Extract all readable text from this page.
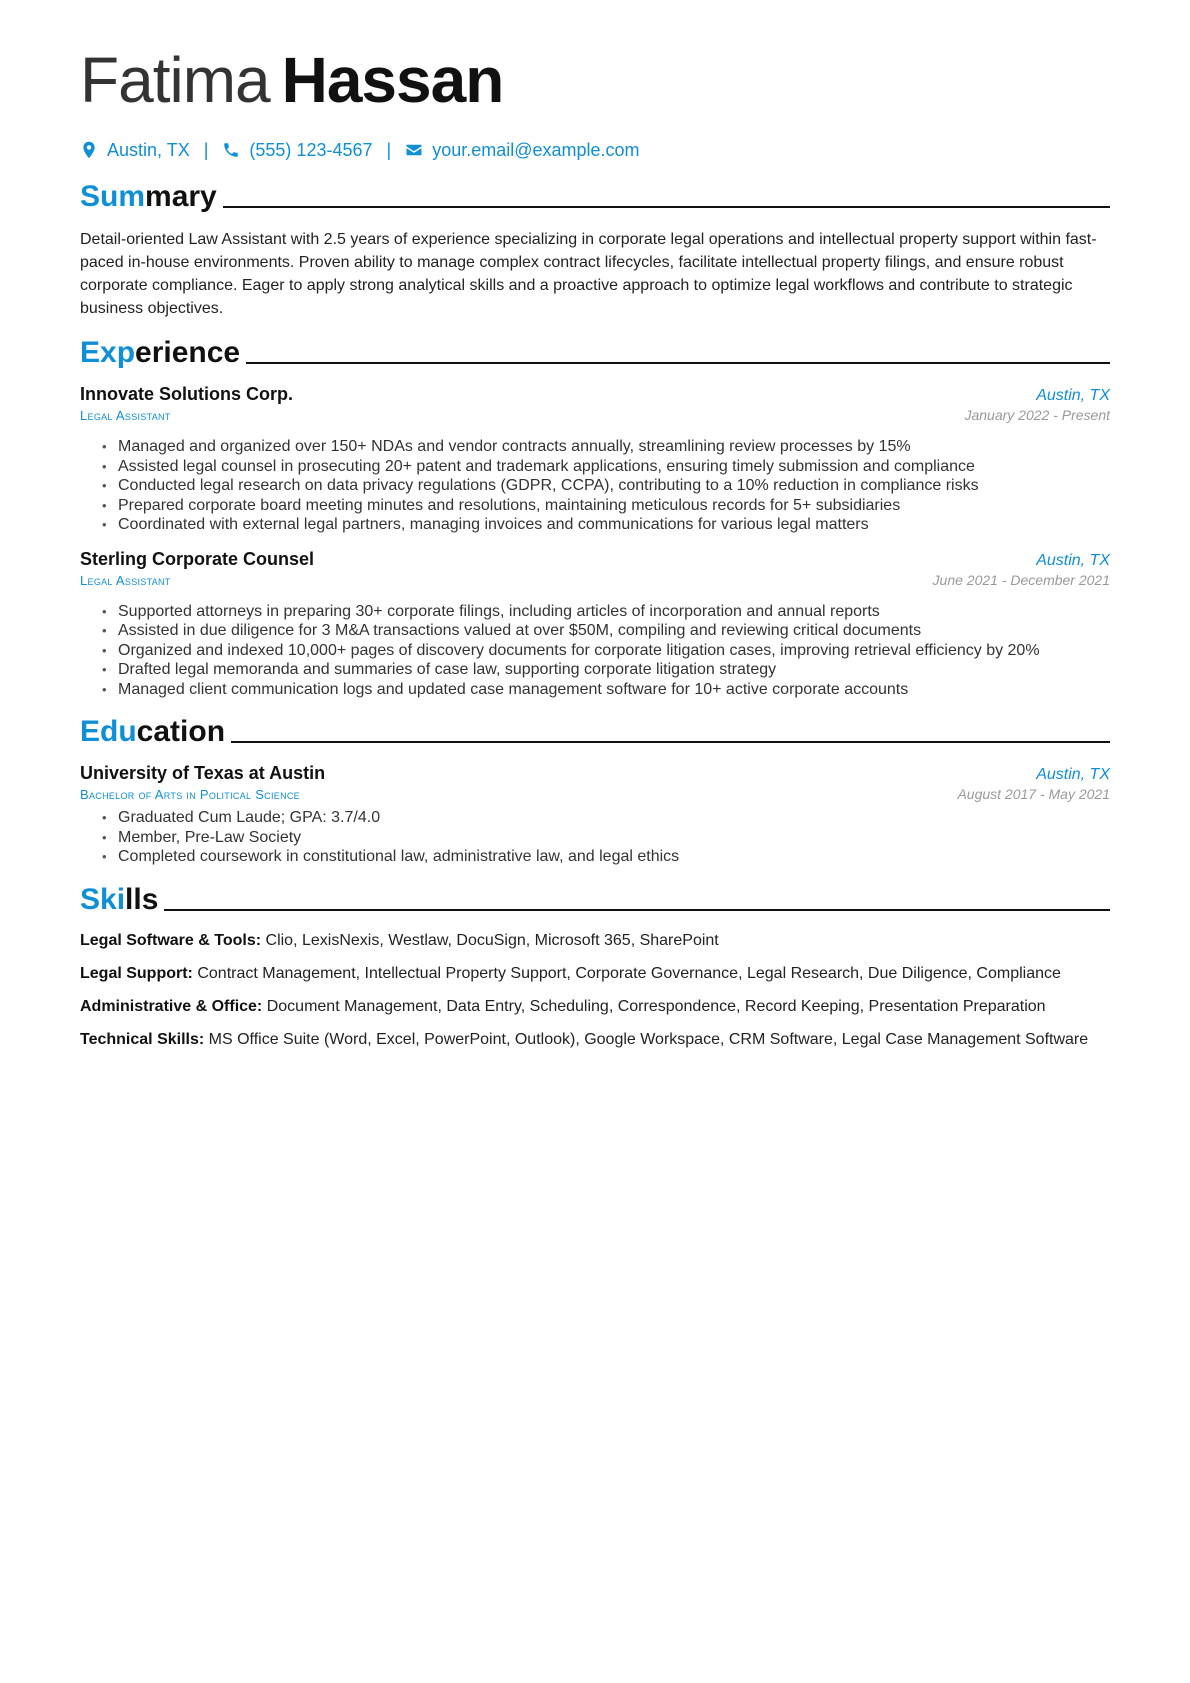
Fatima Hassan
Austin, TX | (555) 123-4567 | your.email@example.com
Summary

Detail-oriented Law Assistant with 2.5 years of experience specializing in corporate legal operations and intellectual property support within fast-paced in-house environments. Proven ability to manage complex contract lifecycles, facilitate intellectual property filings, and ensure robust corporate compliance. Eager to apply strong analytical skills and a proactive approach to optimize legal workflows and contribute to strategic business objectives.

Experience
Innovate Solutions Corp.	Austin, TX
Legal Assistant	January 2022 - Present
• Managed and organized over 150+ NDAs and vendor contracts annually, streamlining review processes by 15%
• Assisted legal counsel in prosecuting 20+ patent and trademark applications, ensuring timely submission and compliance
• Conducted legal research on data privacy regulations (GDPR, CCPA), contributing to a 10% reduction in compliance risks
• Prepared corporate board meeting minutes and resolutions, maintaining meticulous records for 5+ subsidiaries
• Coordinated with external legal partners, managing invoices and communications for various legal matters
Sterling Corporate Counsel	Austin, TX
Legal Assistant	June 2021 - December 2021
• Supported attorneys in preparing 30+ corporate filings, including articles of incorporation and annual reports
• Assisted in due diligence for 3 M&A transactions valued at over $50M, compiling and reviewing critical documents
• Organized and indexed 10,000+ pages of discovery documents for corporate litigation cases, improving retrieval efficiency by 20%
• Drafted legal memoranda and summaries of case law, supporting corporate litigation strategy
• Managed client communication logs and updated case management software for 10+ active corporate accounts
Education
University of Texas at Austin	Austin, TX
Bachelor of Arts in Political Science	August 2017 - May 2021
• Graduated Cum Laude; GPA: 3.7/4.0
• Member, Pre-Law Society
• Completed coursework in constitutional law, administrative law, and legal ethics
Skills
Legal Software & Tools: Clio, LexisNexis, Westlaw, DocuSign, Microsoft 365, SharePoint
Legal Support: Contract Management, Intellectual Property Support, Corporate Governance, Legal Research, Due Diligence, Compliance
Administrative & Office: Document Management, Data Entry, Scheduling, Correspondence, Record Keeping, Presentation Preparation
Technical Skills: MS Office Suite (Word, Excel, PowerPoint, Outlook), Google Workspace, CRM Software, Legal Case Management Software
